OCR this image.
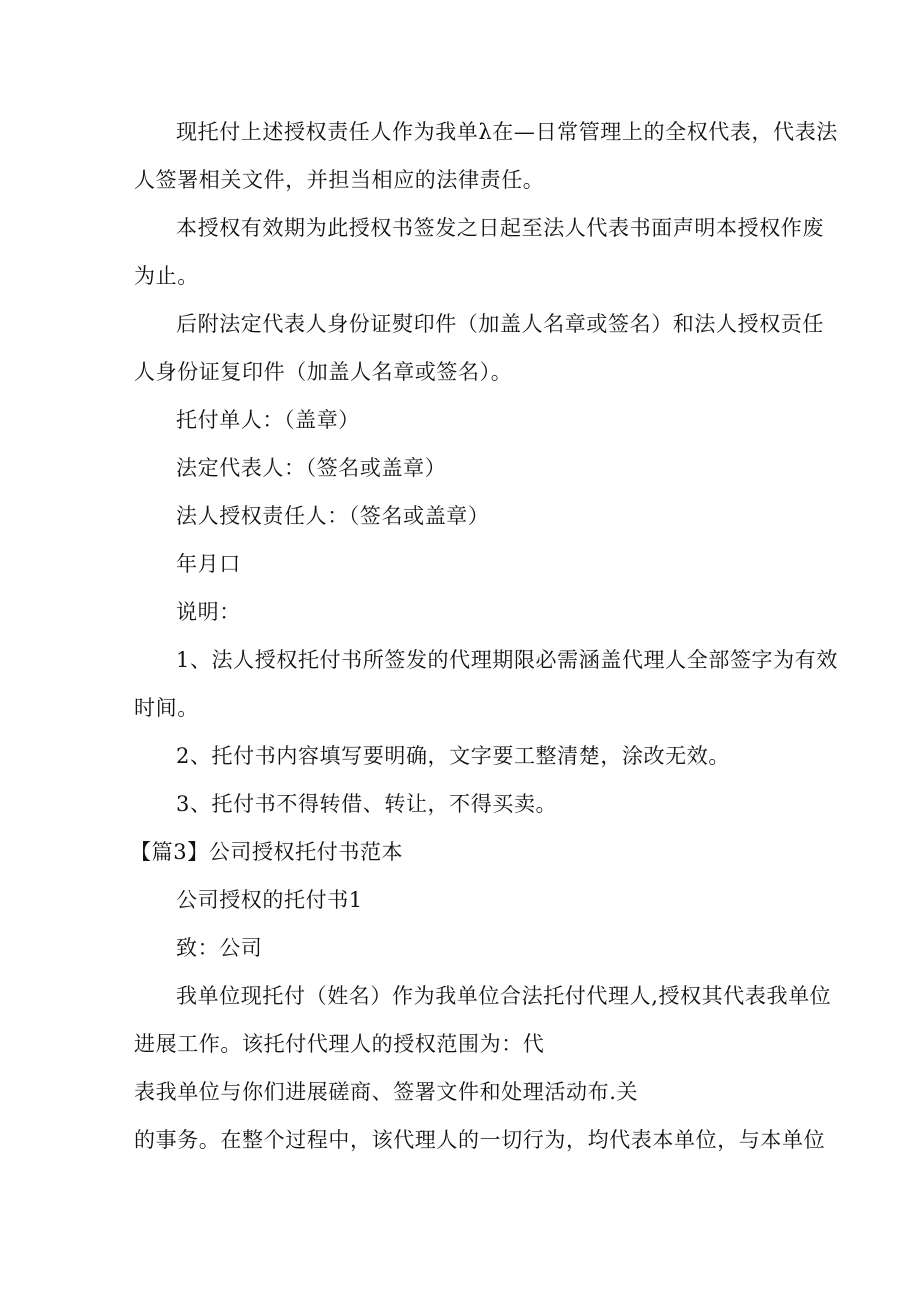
现托付上述授权责任人作为我单λ在—日常管理上的全权代表，代表法
人签署相关文件，并担当相应的法律责任。
本授权有效期为此授权书签发之日起至法人代表书面声明本授权作废
为止。
后附法定代表人身份证熨印件（加盖人名章或签名）和法人授权贡任
人身份证复印件（加盖人名章或签名）。
托付单人：（盖章）
法定代表人：（签名或盖章）
法人授权责任人：（签名或盖章）
年月口
说明：
1、法人授权托付书所签发的代理期限必需涵盖代理人全部签字为有效
时间。
2、托付书内容填写要明确，文字要工整清楚，涂改无效。
3、托付书不得转借、转让，不得买卖。
【篇3】公司授权托付书范本
公司授权的托付书1
致：公司
我单位现托付（姓名）作为我单位合法托付代理人,授权其代表我单位
进展工作。该托付代理人的授权范围为：代
表我单位与你们进展磋商、签署文件和处理活动布.关
的事务。在整个过程中，该代理人的一切行为，均代表本单位，与本单位
